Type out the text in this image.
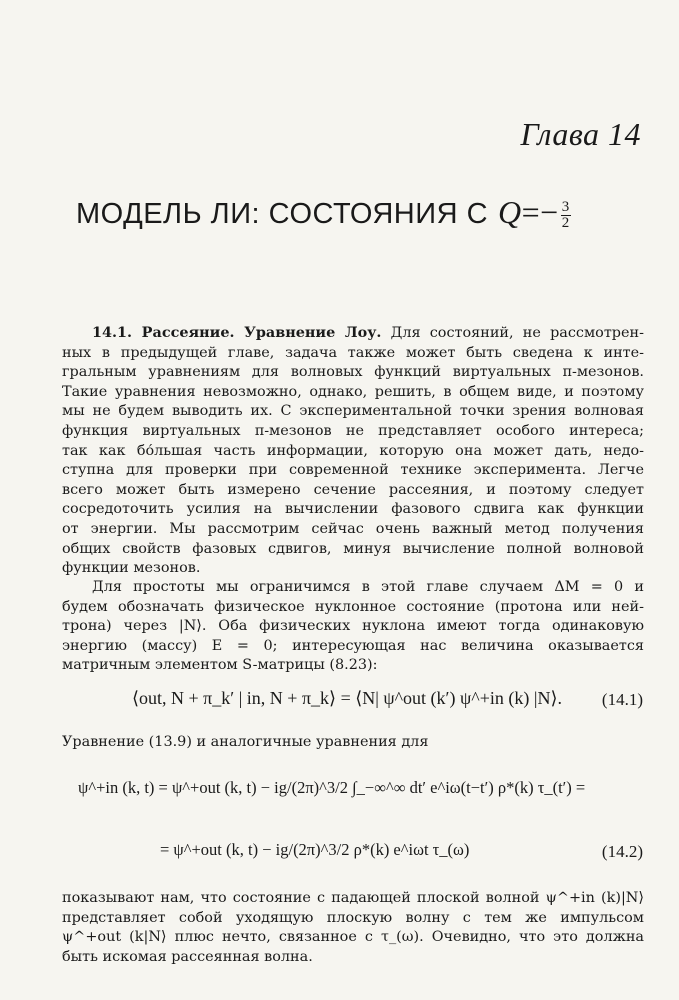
Глава 14
МОДЕЛЬ ЛИ: СОСТОЯНИЯ С $Q=- \frac{3}{2}$
14.1. Рассеяние. Уравнение Лоу. Для состояний, не рассмотрен-
ных в предыдущей главе, задача также может быть сведена к инте-
гральным уравнениям для волновых функций виртуальных π-мезонов.
Такие уравнения невозможно, однако, решить, в общем виде, и поэтому
мы не будем выводить их. С экспериментальной точки зрения волновая
функция виртуальных π-мезонов не представляет особого интереса;
так как бо́льшая часть информации, которую она может дать, недо-
ступна для проверки при современной технике эксперимента. Легче
всего может быть измерено сечение рассеяния, и поэтому следует
сосредоточить усилия на вычислении фазового сдвига как функции
от энергии. Мы рассмотрим сейчас очень важный метод получения
общих свойств фазовых сдвигов, минуя вычисление полной волновой
функции мезонов.
Для простоты мы ограничимся в этой главе случаем ΔM = 0 и
будем обозначать физическое нуклонное состояние (протона или ней-
трона) через |N⟩. Оба физических нуклона имеют тогда одинаковую
энергию (массу) E = 0; интересующая нас величина оказывается
матричным элементом S-матрицы (8.23):
⟨out, N + π_k′ | in, N + π_k⟩ = ⟨N| ψ^out (k′) ψ^+in (k) |N⟩. (14.1)
Уравнение (13.9) и аналогичные уравнения для
ψ^+in (k, t) = ψ^+out (k, t) − ig/(2π)^3/2 ∫_−∞^∞ dt′ e^iω(t−t′) ρ*(k) τ_(t′) =
= ψ^+out (k, t) − ig/(2π)^3/2 ρ*(k) e^iωt τ_(ω)	(14.2)
показывают нам, что состояние с падающей плоской волной ψ^+in (k)|N⟩
представляет собой уходящую плоскую волну с тем же импульсом
ψ^+out (k|N⟩ плюс нечто, связанное с τ_(ω). Очевидно, что это должна
быть искомая рассеянная волна.
